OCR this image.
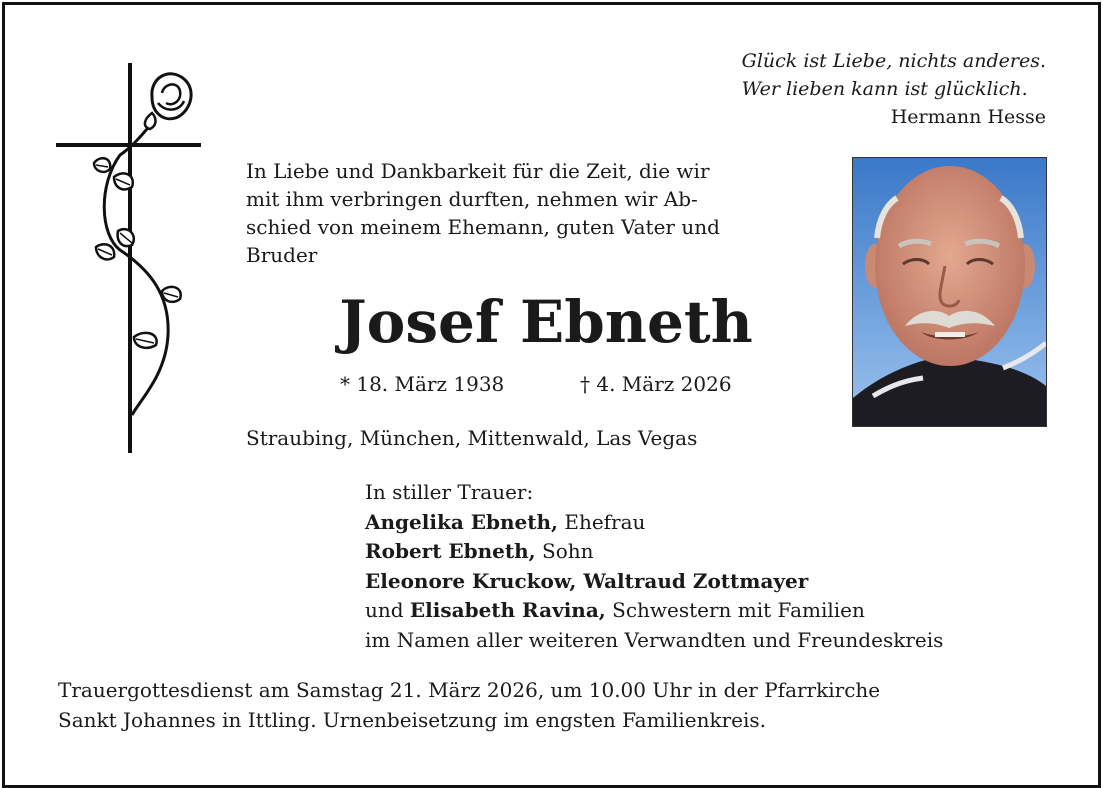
Glück ist Liebe, nichts anderes.
Wer lieben kann ist glücklich.
Hermann Hesse
In Liebe und Dankbarkeit für die Zeit, die wir
mit ihm verbringen durften, nehmen wir Ab-
schied von meinem Ehemann, guten Vater und
Bruder
Josef Ebneth
* 18. März 1938	† 4. März 2026
Straubing, München, Mittenwald, Las Vegas
In stiller Trauer:
Angelika Ebneth, Ehefrau
Robert Ebneth, Sohn
Eleonore Kruckow, Waltraud Zottmayer
und Elisabeth Ravina, Schwestern mit Familien
im Namen aller weiteren Verwandten und Freundeskreis
Trauergottesdienst am Samstag 21. März 2026, um 10.00 Uhr in der Pfarrkirche
Sankt Johannes in Ittling. Urnenbeisetzung im engsten Familienkreis.
